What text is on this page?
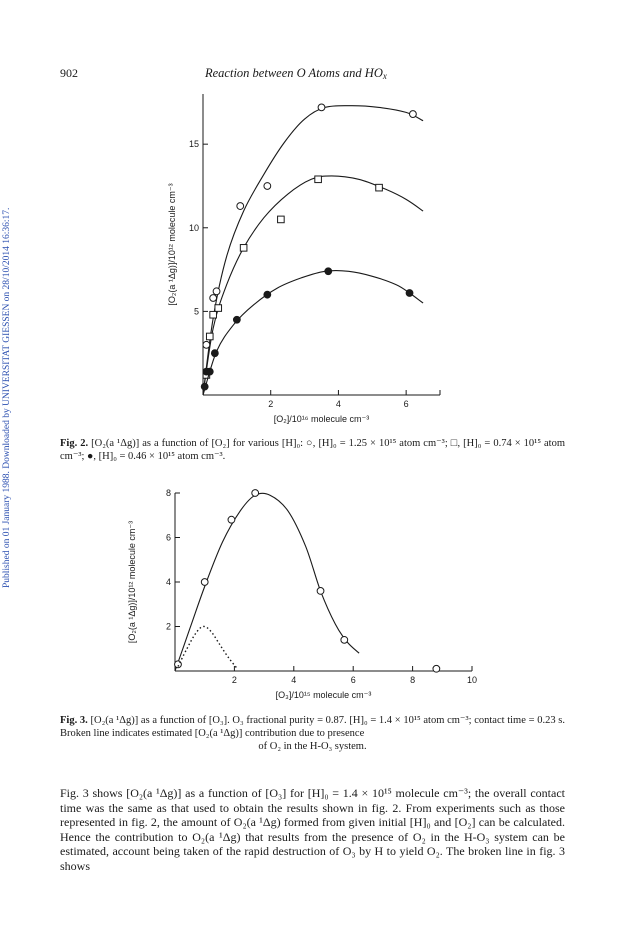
Published on 01 January 1988. Downloaded by UNIVERSITAT GIESSEN on 28/10/2014 16:36:17.
902	Reaction between O Atoms and $HO_x$
2	4	6
5
10
15
[O₂]/10¹⁶ molecule cm⁻³
[O₂(a ¹Δg)]/10¹² molecule cm⁻³
2	4	6	8	10
2
4
6
8
[O₃]/10¹⁵ molecule cm⁻³
[O₂(a ¹Δg)]/10¹² molecule cm⁻³
Fig. 2. [O₂(a ¹Δg)] as a function of [O₂] for various [H]₀: ○, [H]₀ = 1.25 × 10¹⁵ atom cm⁻³; □, [H]₀ = 0.74 × 10¹⁵ atom cm⁻³; ●, [H]₀ = 0.46 × 10¹⁵ atom cm⁻³.
Fig. 3. [O₂(a ¹Δg)] as a function of [O₃]. O₃ fractional purity = 0.87. [H]₀ = 1.4 × 10¹⁵ atom cm⁻³; contact time = 0.23 s. Broken line indicates estimated [O₂(a ¹Δg)] contribution due to presence
of O₂ in the H-O₃ system.
Fig. 3 shows [O₂(a ¹Δg)] as a function of [O₃] for [H]₀ = 1.4 × 10¹⁵ molecule cm⁻³; the overall contact time was the same as that used to obtain the results shown in fig. 2. From experiments such as those represented in fig. 2, the amount of O₂(a ¹Δg) formed from given initial [H]₀ and [O₂] can be calculated. Hence the contribution to O₂(a ¹Δg) that results from the presence of O₂ in the H-O₃ system can be estimated, account being taken of the rapid destruction of O₃ by H to yield O₂. The broken line in fig. 3 shows
